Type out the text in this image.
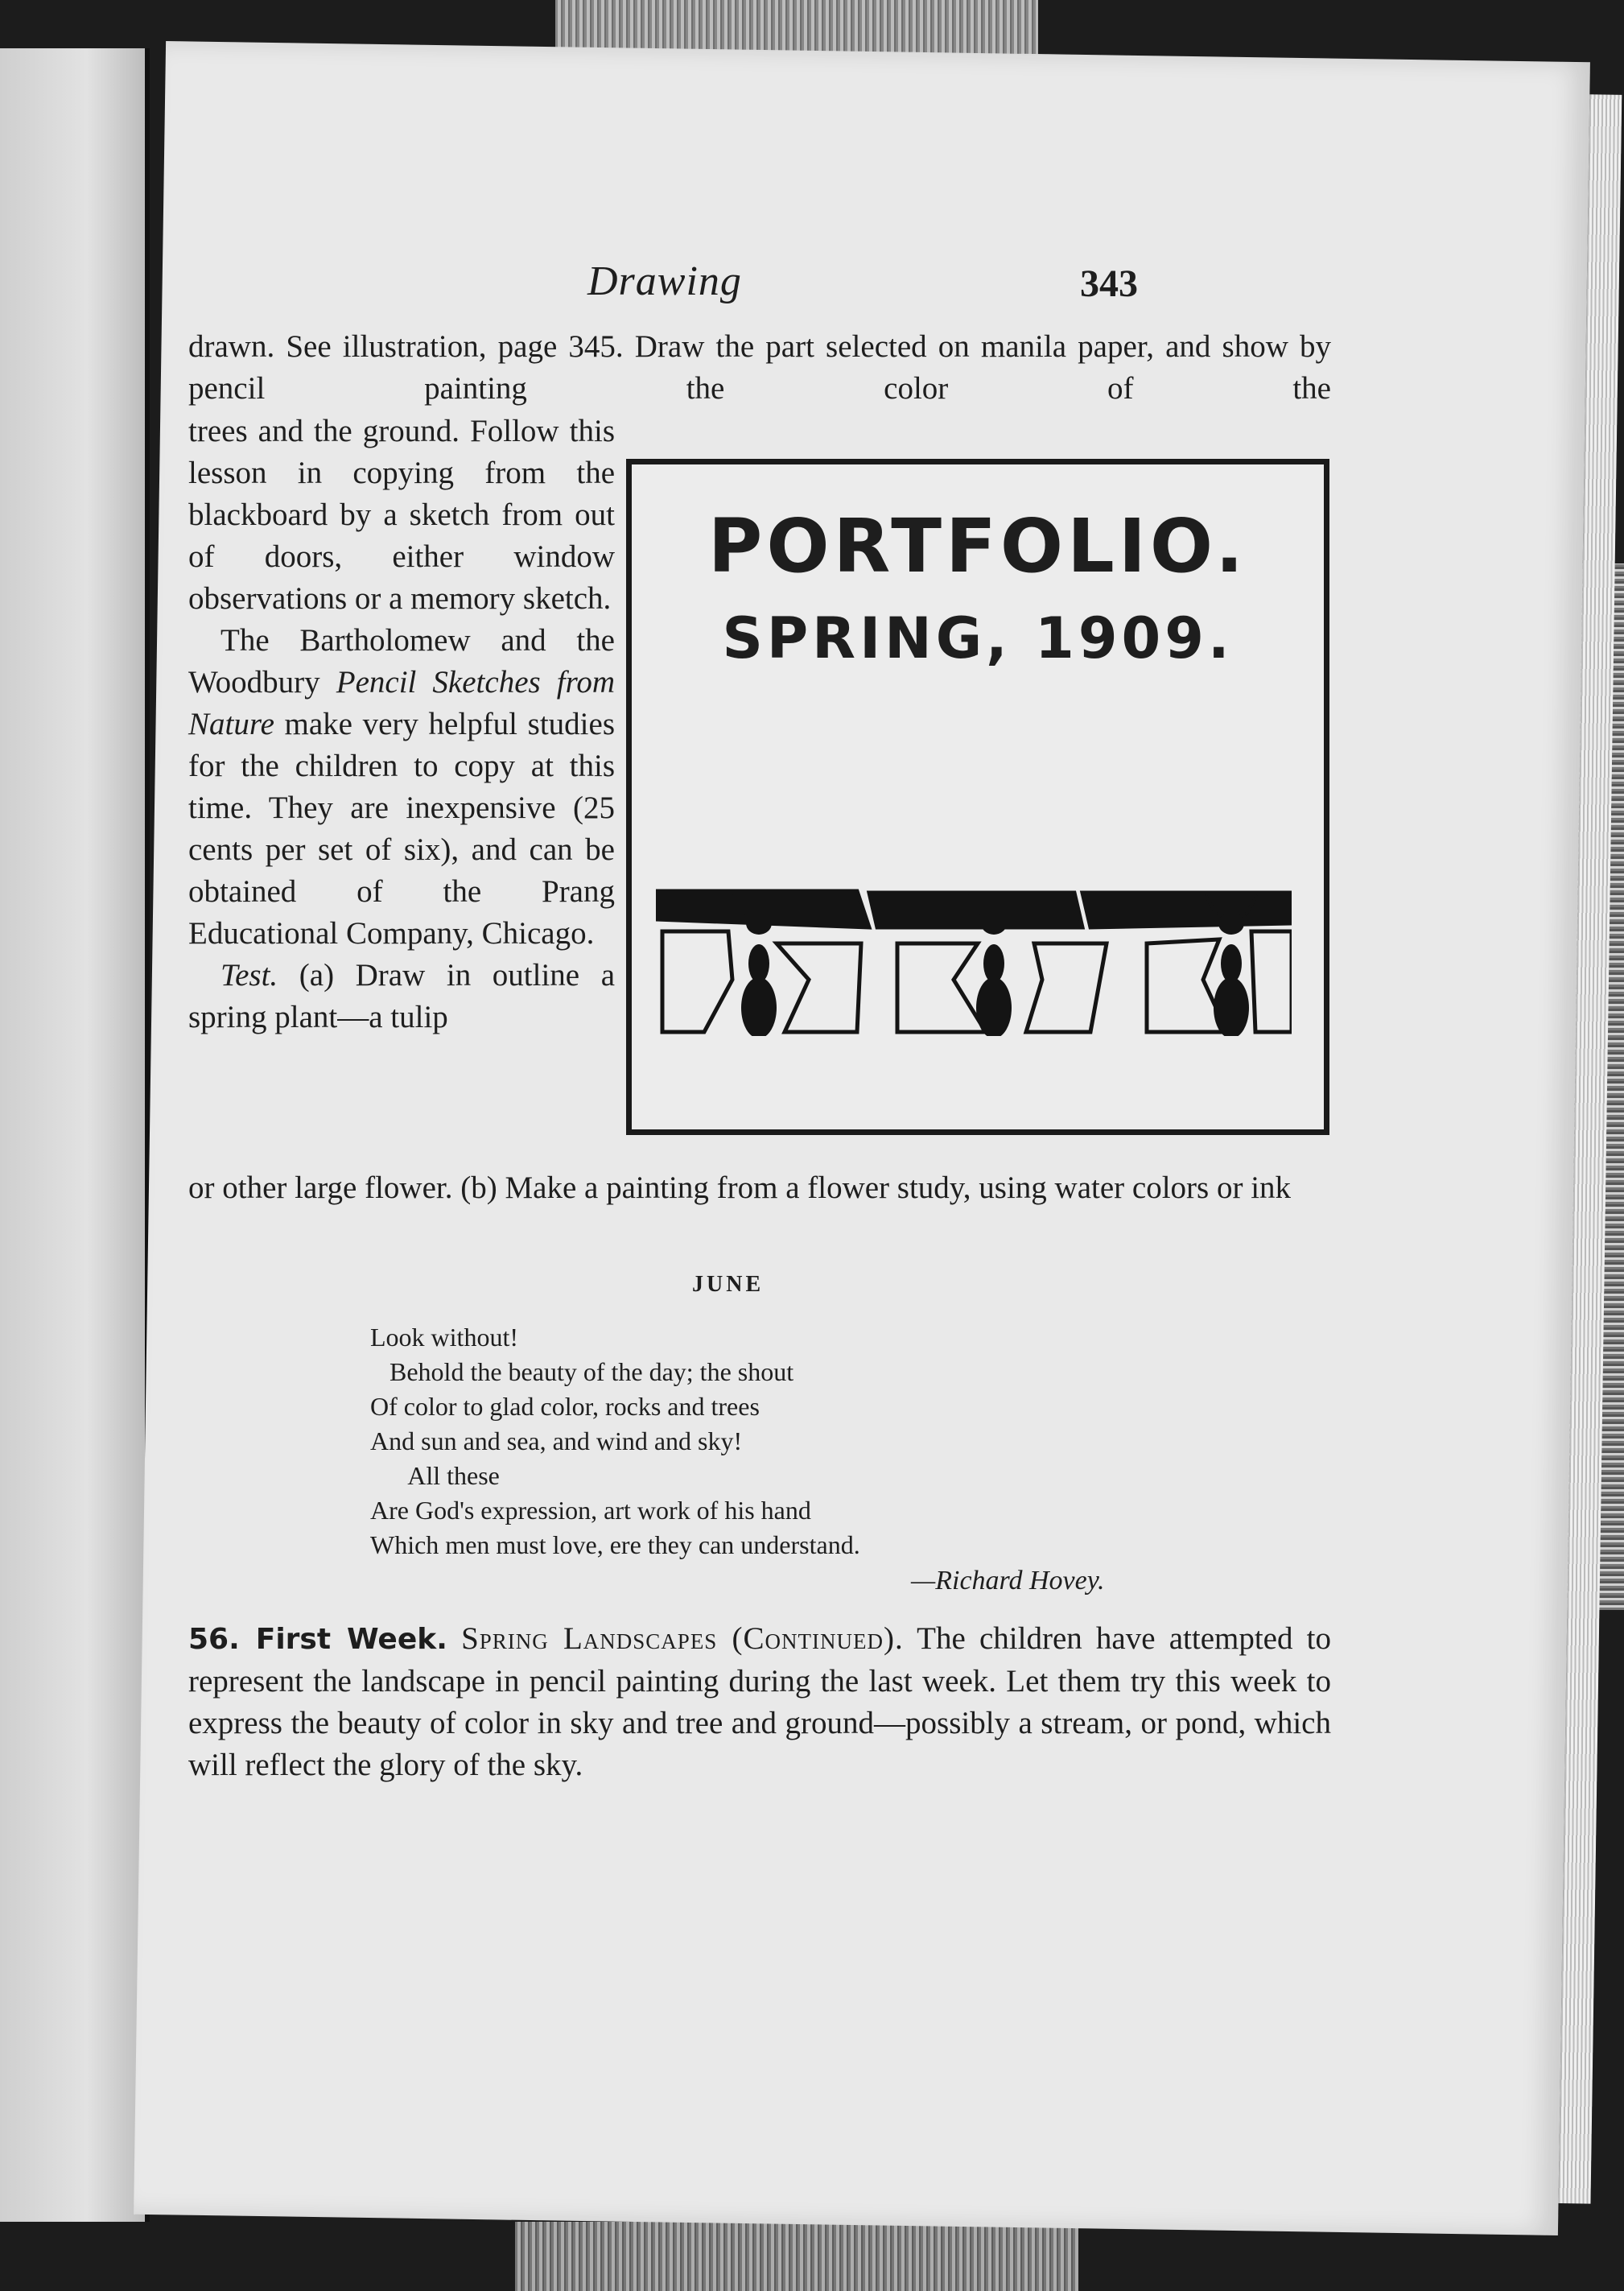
Drawing	343
drawn. See illustration, page 345. Draw the part selected on manila paper, and show by pencil painting the color of the

trees and the ground. Follow this lesson in copying from the blackboard by a sketch from out of doors, either window observations or a memory sketch.

The Bartholomew and the Woodbury Pencil Sketches from Nature make very helpful studies for the children to copy at this time. They are inexpensive (25 cents per set of six), and can be obtained of the Prang Educational Company, Chicago.

Test. (a) Draw in outline a spring plant—a tulip

PORTFOLIO.
SPRING, 1909.

or other large flower. (b) Make a painting from a flower study, using water colors or ink

JUNE
Look without!
Behold the beauty of the day; the shout
Of color to glad color, rocks and trees
And sun and sea, and wind and sky!
All these
Are God's expression, art work of his hand
Which men must love, ere they can understand.
—Richard Hovey.

56. First Week. Spring Landscapes (Continued). The children have attempted to represent the landscape in pencil painting during the last week. Let them try this week to express the beauty of color in sky and tree and ground—possibly a stream, or pond, which will reflect the glory of the sky.
